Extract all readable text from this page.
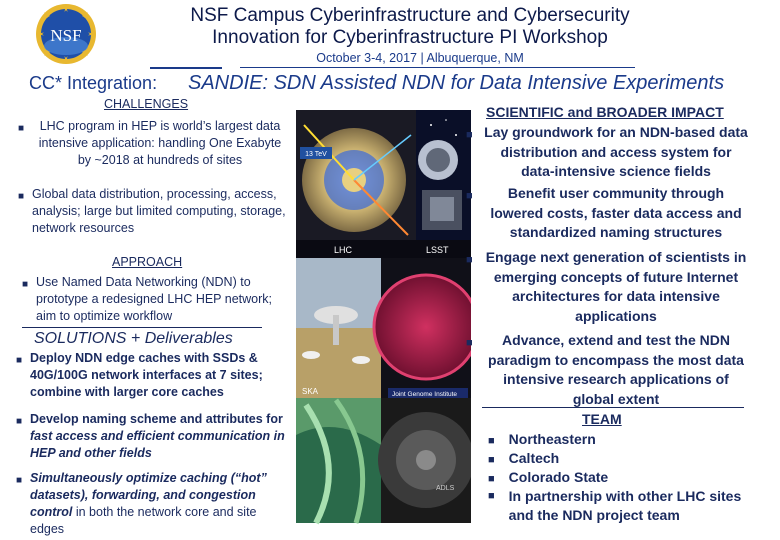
NSF
NSF Campus Cyberinfrastructure and Cybersecurity
Innovation for Cyberinfrastructure PI Workshop
October 3-4, 2017 | Albuquerque, NM
CC* Integration: SANDIE: SDN Assisted NDN for Data Intensive Experiments
CHALLENGES
■	LHC program in HEP is world’s largest data intensive application: handling One Exabyte by ~2018 at hundreds of sites
■ Global data distribution, processing, access, analysis; large but limited computing, storage, network resources
APPROACH
■ Use Named Data Networking (NDN) to prototype a redesigned LHC HEP network; aim to optimize workflow
SOLUTIONS + Deliverables
■ Deploy NDN edge caches with SSDs & 40G/100G network interfaces at 7 sites; combine with larger core caches
■ Develop naming scheme and attributes for fast access and efficient communication in HEP and other fields
■ Simultaneously optimize caching (“hot” datasets), forwarding, and congestion control in both the network core and site edges
13 TeV
LHC	LSST
SKA	Joint Genome Institute
ADLS
SCIENTIFIC and BROADER IMPACT
■ Lay groundwork for an NDN-based data distribution and access system for data-intensive science fields
■	Benefit user community through lowered costs, faster data access and standardized naming structures
■ Engage next generation of scientists in emerging concepts of future Internet architectures for data intensive applications
■	Advance, extend and test the NDN paradigm to encompass the most data intensive research applications of global extent
TEAM
■ Northeastern
■ Caltech
■ Colorado State
■ In partnership with other LHC sites and the NDN project team
